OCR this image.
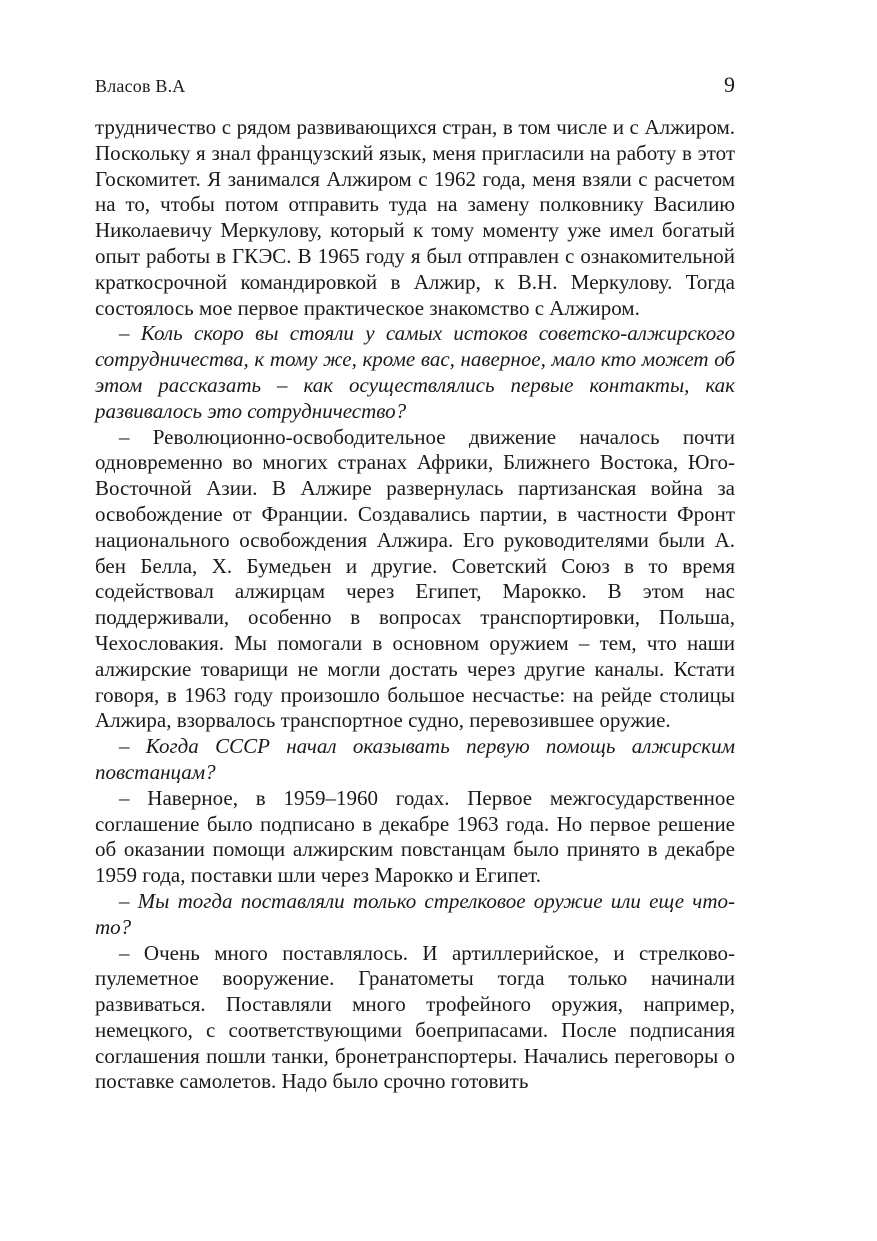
Власов В.А	9

трудничество с рядом развивающихся стран, в том числе и с Алжиром. Поскольку я знал французский язык, меня пригласили на работу в этот Госкомитет. Я занимался Алжиром с 1962 года, меня взяли с расчетом на то, чтобы потом отправить туда на замену полковнику Василию Николаевичу Меркулову, который к тому моменту уже имел богатый опыт работы в ГКЭС. В 1965 году я был отправлен с ознакомительной краткосрочной командировкой в Алжир, к В.Н. Меркулову. Тогда состоялось мое первое практическое знакомство с Алжиром.

– Коль скоро вы стояли у самых истоков советско-алжирского сотрудничества, к тому же, кроме вас, наверное, мало кто может об этом рассказать – как осуществлялись первые контакты, как развивалось это сотрудничество?

– Революционно-освободительное движение началось почти одновременно во многих странах Африки, Ближнего Востока, Юго-Восточной Азии. В Алжире развернулась партизанская война за освобождение от Франции. Создавались партии, в частности Фронт национального освобождения Алжира. Его руководителями были А. бен Белла, Х. Бумедьен и другие. Советский Союз в то время содействовал алжирцам через Египет, Марокко. В этом нас поддерживали, особенно в вопросах транспортировки, Польша, Чехословакия. Мы помогали в основном оружием – тем, что наши алжирские товарищи не могли достать через другие каналы. Кстати говоря, в 1963 году произошло большое несчастье: на рейде столицы Алжира, взорвалось транспортное судно, перевозившее оружие.

– Когда СССР начал оказывать первую помощь алжирским повстанцам?

– Наверное, в 1959–1960 годах. Первое межгосударственное соглашение было подписано в декабре 1963 года. Но первое решение об оказании помощи алжирским повстанцам было принято в декабре 1959 года, поставки шли через Марокко и Египет.

– Мы тогда поставляли только стрелковое оружие или еще что-то?

– Очень много поставлялось. И артиллерийское, и стрелково-пулеметное вооружение. Гранатометы тогда только начинали развиваться. Поставляли много трофейного оружия, например, немецкого, с соответствующими боеприпасами. После подписания соглашения пошли танки, бронетранспортеры. Начались переговоры о поставке самолетов. Надо было срочно готовить
